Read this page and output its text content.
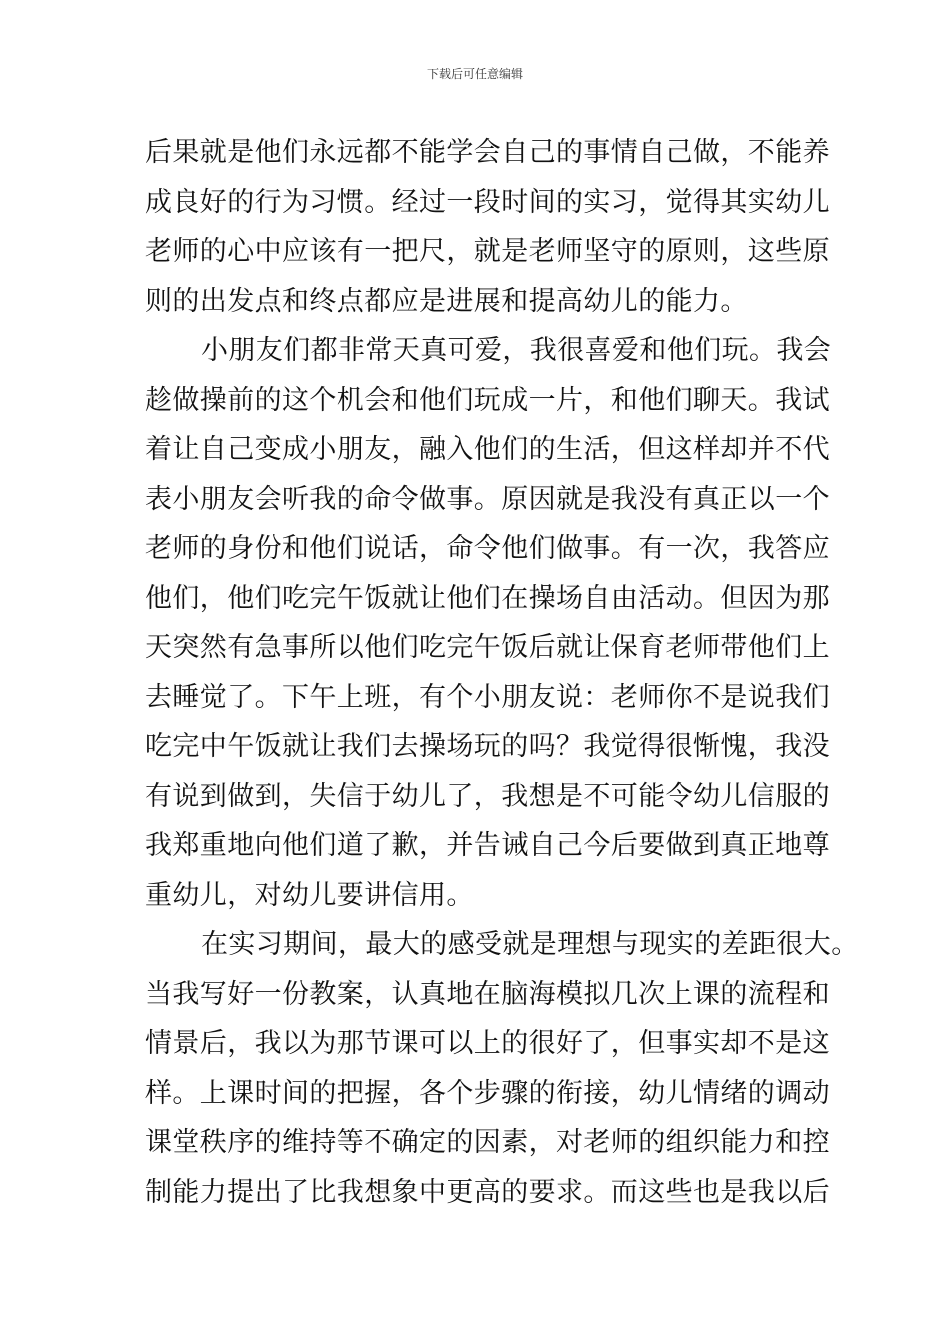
下载后可任意编辑
后果就是他们永远都不能学会自己的事情自己做，不能养
成良好的行为习惯。经过一段时间的实习，觉得其实幼儿
老师的心中应该有一把尺，就是老师坚守的原则，这些原
则的出发点和终点都应是进展和提高幼儿的能力。
小朋友们都非常天真可爱，我很喜爱和他们玩。我会
趁做操前的这个机会和他们玩成一片，和他们聊天。我试
着让自己变成小朋友，融入他们的生活，但这样却并不代
表小朋友会听我的命令做事。原因就是我没有真正以一个
老师的身份和他们说话，命令他们做事。有一次，我答应
他们，他们吃完午饭就让他们在操场自由活动。但因为那
天突然有急事所以他们吃完午饭后就让保育老师带他们上
去睡觉了。下午上班，有个小朋友说：老师你不是说我们
吃完中午饭就让我们去操场玩的吗？我觉得很惭愧，我没
有说到做到，失信于幼儿了，我想是不可能令幼儿信服的
我郑重地向他们道了歉，并告诫自己今后要做到真正地尊
重幼儿，对幼儿要讲信用。
在实习期间，最大的感受就是理想与现实的差距很大。
当我写好一份教案，认真地在脑海模拟几次上课的流程和
情景后，我以为那节课可以上的很好了，但事实却不是这
样。上课时间的把握，各个步骤的衔接，幼儿情绪的调动
课堂秩序的维持等不确定的因素，对老师的组织能力和控
制能力提出了比我想象中更高的要求。而这些也是我以后
